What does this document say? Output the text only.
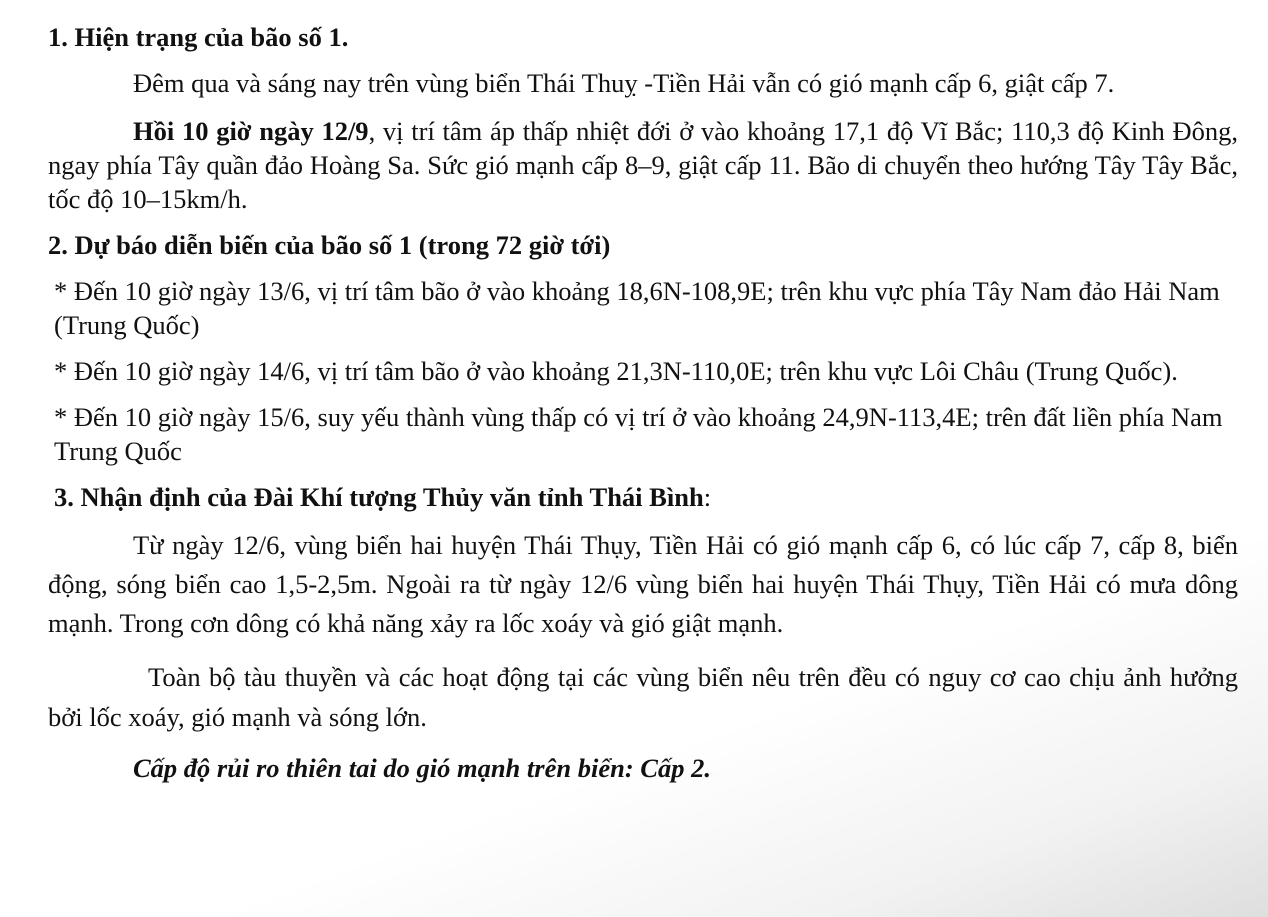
1. Hiện trạng của bão số 1.

Đêm qua và sáng nay trên vùng biển Thái Thuỵ -Tiền Hải vẫn có gió mạnh cấp 6, giật cấp 7.

Hồi 10 giờ ngày 12/9, vị trí tâm áp thấp nhiệt đới ở vào khoảng 17,1 độ Vĩ Bắc; 110,3 độ Kinh Đông, ngay phía Tây quần đảo Hoàng Sa. Sức gió mạnh cấp 8–9, giật cấp 11. Bão di chuyển theo hướng Tây Tây Bắc, tốc độ 10–15km/h.

2. Dự báo diễn biến của bão số 1 (trong 72 giờ tới)

* Đến 10 giờ ngày 13/6, vị trí tâm bão ở vào khoảng 18,6N-108,9E; trên khu vực phía Tây Nam đảo Hải Nam (Trung Quốc)

* Đến 10 giờ ngày 14/6, vị trí tâm bão ở vào khoảng 21,3N-110,0E; trên khu vực Lôi Châu (Trung Quốc).

* Đến 10 giờ ngày 15/6, suy yếu thành vùng thấp có vị trí ở vào khoảng 24,9N-113,4E; trên đất liền phía Nam Trung Quốc

3. Nhận định của Đài Khí tượng Thủy văn tỉnh Thái Bình:

Từ ngày 12/6, vùng biển hai huyện Thái Thụy, Tiền Hải có gió mạnh cấp 6, có lúc cấp 7, cấp 8, biển động, sóng biển cao 1,5-2,5m. Ngoài ra từ ngày 12/6 vùng biển hai huyện Thái Thụy, Tiền Hải có mưa dông mạnh. Trong cơn dông có khả năng xảy ra lốc xoáy và gió giật mạnh.

Toàn bộ tàu thuyền và các hoạt động tại các vùng biển nêu trên đều có nguy cơ cao chịu ảnh hưởng bởi lốc xoáy, gió mạnh và sóng lớn.

Cấp độ rủi ro thiên tai do gió mạnh trên biển: Cấp 2.
